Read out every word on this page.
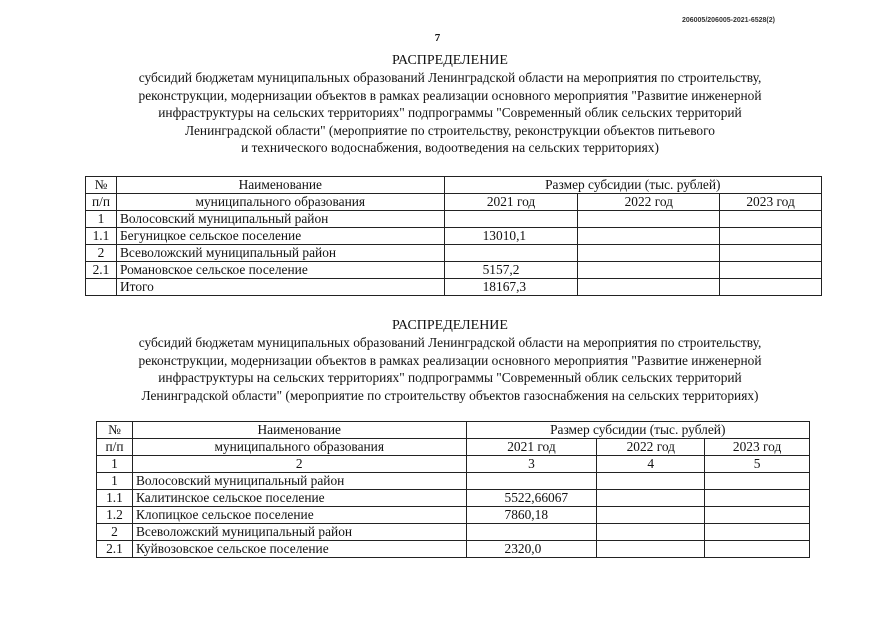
206005/206005-2021-6528(2)
7
РАСПРЕДЕЛЕНИЕ
субсидий бюджетам муниципальных образований Ленинградской области на мероприятия по строительству,
реконструкции, модернизации объектов в рамках реализации основного мероприятия "Развитие инженерной
инфраструктуры на сельских территориях" подпрограммы "Современный облик сельских территорий
Ленинградской области" (мероприятие по строительству, реконструкции объектов питьевого
и технического водоснабжения, водоотведения на сельских территориях)
№	Наименование	Размер субсидии (тыс. рублей)		
п/п	муниципального образования	2021 год	2022 год	2023 год
1	Волосовский муниципальный район			
1.1	Бегуницкое сельское поселение	13010,1		
2	Всеволожский муниципальный район			
2.1	Романовское сельское поселение	5157,2		
	Итого	18167,3		
РАСПРЕДЕЛЕНИЕ
субсидий бюджетам муниципальных образований Ленинградской области на мероприятия по строительству,
реконструкции, модернизации объектов в рамках реализации основного мероприятия "Развитие инженерной
инфраструктуры на сельских территориях" подпрограммы "Современный облик сельских территорий
Ленинградской области" (мероприятие по строительству объектов газоснабжения на сельских территориях)
№	Наименование	Размер субсидии (тыс. рублей)		
п/п	муниципального образования	2021 год	2022 год	2023 год
1	2	3	4	5
1	Волосовский муниципальный район			
1.1	Калитинское сельское поселение	5522,66067		
1.2	Клопицкое сельское поселение	7860,18		
2	Всеволожский муниципальный район			
2.1	Куйвозовское сельское поселение	2320,0		
